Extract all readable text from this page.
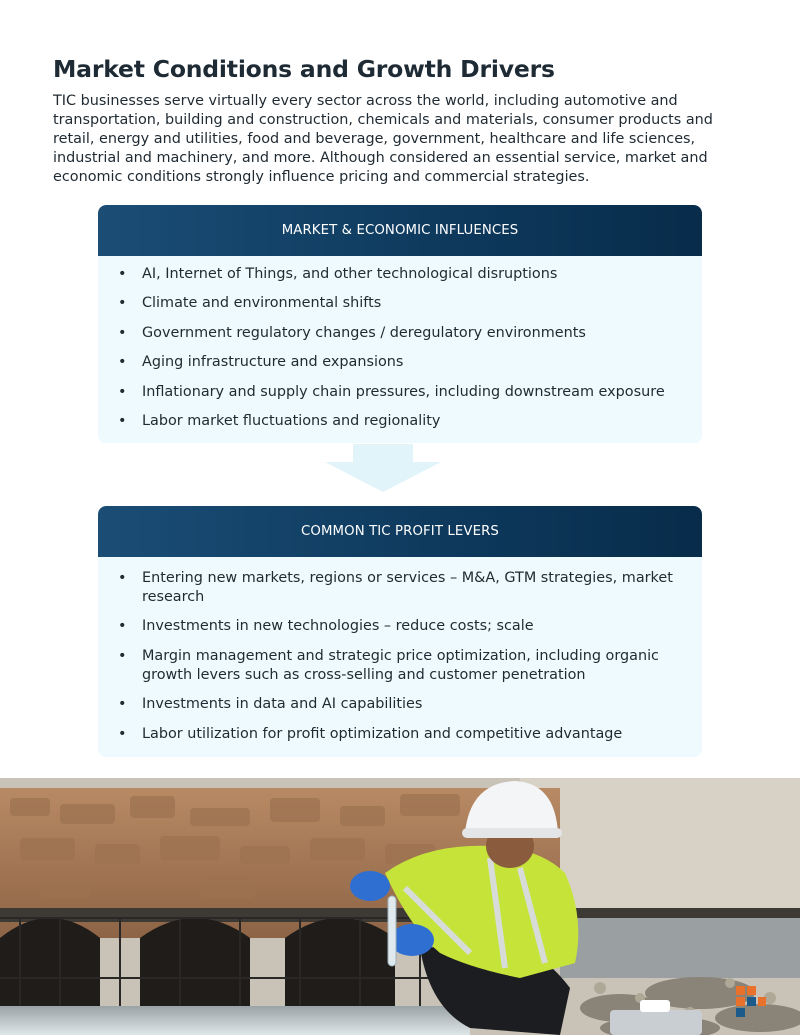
Market Conditions and Growth Drivers

TIC businesses serve virtually every sector across the world, including automotive and transportation, building and construction, chemicals and materials, consumer products and retail, energy and utilities, food and beverage, government, healthcare and life sciences, industrial and machinery, and more. Although considered an essential service, market and economic conditions strongly influence pricing and commercial strategies.

MARKET & ECONOMIC INFLUENCES
• AI, Internet of Things, and other technological disruptions
• Climate and environmental shifts
• Government regulatory changes / deregulatory environments
• Aging infrastructure and expansions
• Inflationary and supply chain pressures, including downstream exposure
• Labor market fluctuations and regionality
COMMON TIC PROFIT LEVERS
• Entering new markets, regions or services – M&A, GTM strategies, market research
• Investments in new technologies – reduce costs; scale
• Margin management and strategic price optimization, including organic growth levers such as cross-selling and customer penetration
• Investments in data and AI capabilities
• Labor utilization for profit optimization and competitive advantage
